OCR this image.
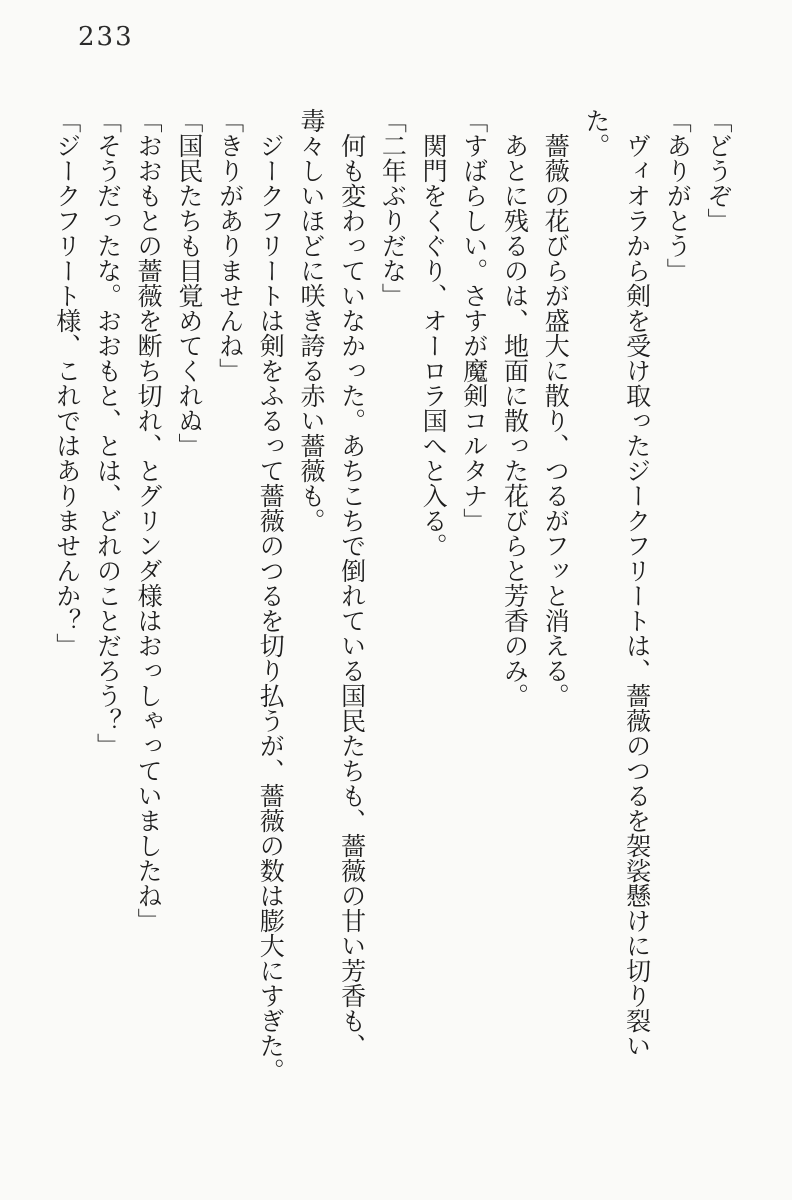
233

「どうぞ」

「ありがとう」

ヴィオラから剣を受け取ったジークフリートは、薔薇のつるを袈裟懸けに切り裂いた。

薔薇の花びらが盛大に散り、つるがフッと消える。

あとに残るのは、地面に散った花びらと芳香のみ。

「すばらしい。さすが魔剣コルタナ」

関門をくぐり、オーロラ国へと入る。

「二年ぶりだな」

何も変わっていなかった。あちこちで倒れている国民たちも、薔薇の甘い芳香も、毒々しいほどに咲き誇る赤い薔薇も。

ジークフリートは剣をふるって薔薇のつるを切り払うが、薔薇の数は膨大にすぎた。

「きりがありませんね」

「国民たちも目覚めてくれぬ」

「おおもとの薔薇を断ち切れ、とグリンダ様はおっしゃっていましたね」

「そうだったな。おおもと、とは、どれのことだろう？」

「ジークフリート様、これではありませんか？」
